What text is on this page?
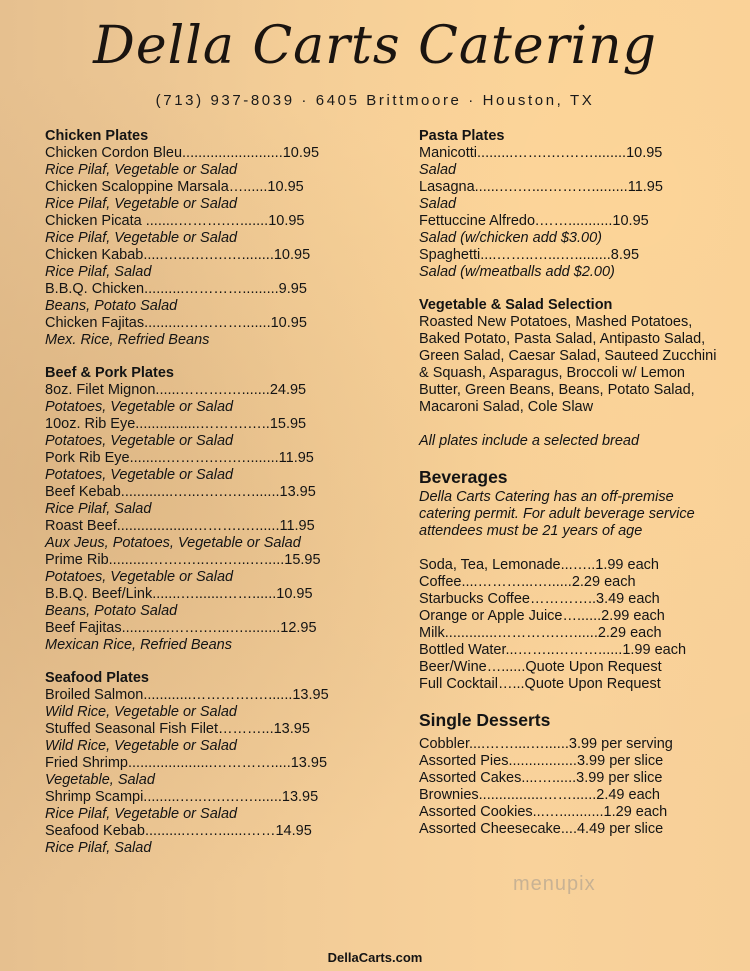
Della Carts Catering
(713) 937-8039 · 6405 Brittmoore · Houston, TX
Chicken Plates
Chicken Cordon Bleu.........................10.95
Rice Pilaf, Vegetable or Salad
Chicken Scaloppine Marsala…......10.95
Rice Pilaf, Vegetable or Salad
Chicken Picata ........……….….......10.95
Rice Pilaf, Vegetable or Salad
Chicken Kabab.....…...….….…........10.95
Rice Pilaf, Salad
B.B.Q. Chicken..........………….........9.95
Beans, Potato Salad
Chicken Fajitas..........………….......10.95
Mex. Rice, Refried Beans
Beef & Pork Plates
8oz. Filet Mignon......……….….......24.95
Potatoes, Vegetable or Salad
10oz. Rib Eye................……….…..15.95
Potatoes, Vegetable or Salad
Pork Rib Eye.........……….….…........11.95
Potatoes, Vegetable or Salad
Beef Kebab.............…...….….….......13.95
Rice Pilaf, Salad
Roast Beef...................……….…......11.95
Aux Jeus, Potatoes, Vegetable or Salad
Prime Rib..........…….…..….…...….....15.95
Potatoes, Vegetable or Salad
B.B.Q. Beef/Link.......….......……......10.95
Beans, Potato Salad
Beef Fajitas............…….…...….........12.95
Mexican Rice, Refried Beans
Seafood Plates
Broiled Salmon............………….…......13.95
Wild Rice, Vegetable or Salad
Stuffed Seasonal Fish Filet………...13.95
Wild Rice, Vegetable or Salad
Fried Shrimp.....................………….....13.95
Vegetable, Salad
Shrimp Scampi.........…..….….….......13.95
Rice Pilaf, Vegetable or Salad
Seafood Kebab..........….….......……14.95
Rice Pilaf, Salad
Pasta Plates
Manicotti.........…….….……........10.95
Salad
Lasagna......….…....……….........11.95
Salad
Fettuccine Alfredo.……...........10.95
Salad (w/chicken add $3.00)
Spaghetti....……..…...….........8.95
Salad (w/meatballs add $2.00)
Vegetable & Salad Selection
Roasted New Potatoes, Mashed Potatoes, Baked Potato, Pasta Salad, Antipasto Salad, Green Salad, Caesar Salad, Sauteed Zucchini & Squash, Asparagus, Broccoli w/ Lemon Butter, Green Beans, Beans, Potato Salad, Macaroni Salad, Cole Slaw
All plates include a selected bread
Beverages
Della Carts Catering has an off-premise catering permit. For adult beverage service attendees must be 21 years of age
Soda, Tea, Lemonade...…..1.99 each
Coffee....………...…......2.29 each
Starbucks Coffee…………..3.49 each
Orange or Apple Juice…......2.99 each
Milk.............………….…......2.29 each
Bottled Water...……..………......1.99 each
Beer/Wine…......Quote Upon Request
Full Cocktail…...Quote Upon Request
Single Desserts
Cobbler....……....…......3.99 per serving
Assorted Pies.................3.99 per slice
Assorted Cakes....…......3.99 per slice
Brownies................……......2.49 each
Assorted Cookies...…...........1.29 each
Assorted Cheesecake....4.49 per slice
menupix
DellaCarts.com
